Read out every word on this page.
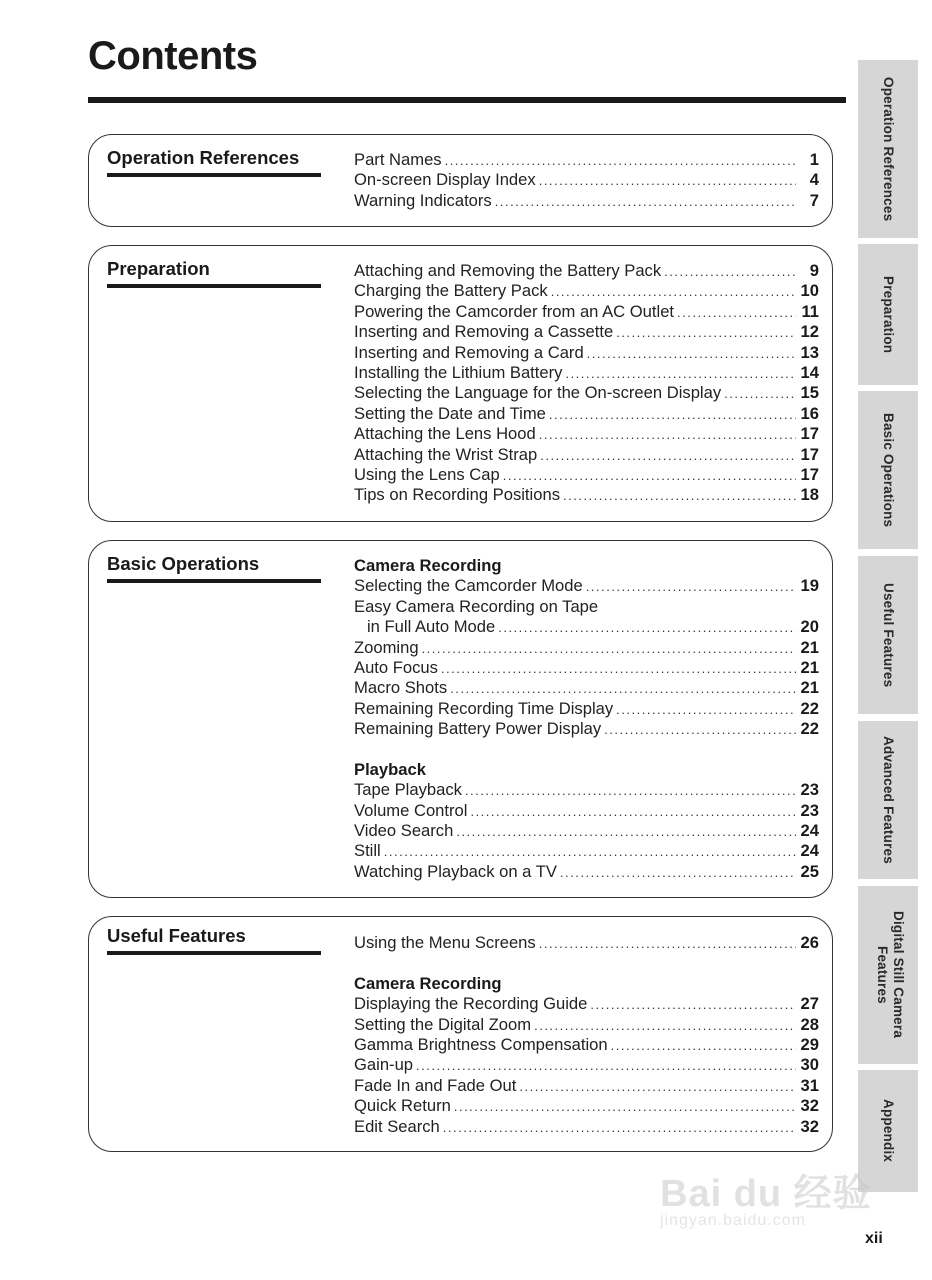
Contents
Operation References	Part Names .....	1
On-screen Display Index .....	4
Warning Indicators .....	7
Preparation	Attaching and Removing the Battery Pack .....	9
Charging the Battery Pack .....	10
Powering the Camcorder from an AC Outlet .....	11
Inserting and Removing a Cassette .....	12
Inserting and Removing a Card .....	13
Installing the Lithium Battery .....	14
Selecting the Language for the On-screen Display .....	15
Setting the Date and Time .....	16
Attaching the Lens Hood .....	17
Attaching the Wrist Strap .....	17
Using the Lens Cap .....	17
Tips on Recording Positions .....	18
Basic Operations	Camera Recording
Selecting the Camcorder Mode .....	19
Easy Camera Recording on Tape
in Full Auto Mode .....	20
Zooming .....	21
Auto Focus .....	21
Macro Shots .....	21
Remaining Recording Time Display .....	22
Remaining Battery Power Display .....	22
Playback
Tape Playback .....	23
Volume Control .....	23
Video Search .....	24
Still .....	24
Watching Playback on a TV .....	25
Useful Features	Using the Menu Screens .....	26
Camera Recording
Displaying the Recording Guide .....	27
Setting the Digital Zoom .....	28
Gamma Brightness Compensation .....	29
Gain-up .....	30
Fade In and Fade Out .....	31
Quick Return .....	32
Edit Search .....	32
Operation References
Preparation
Basic Operations
Useful Features
Advanced Features
Digital Still Camera Features
Appendix
Bai du 经验
jingyan.baidu.com
xii
